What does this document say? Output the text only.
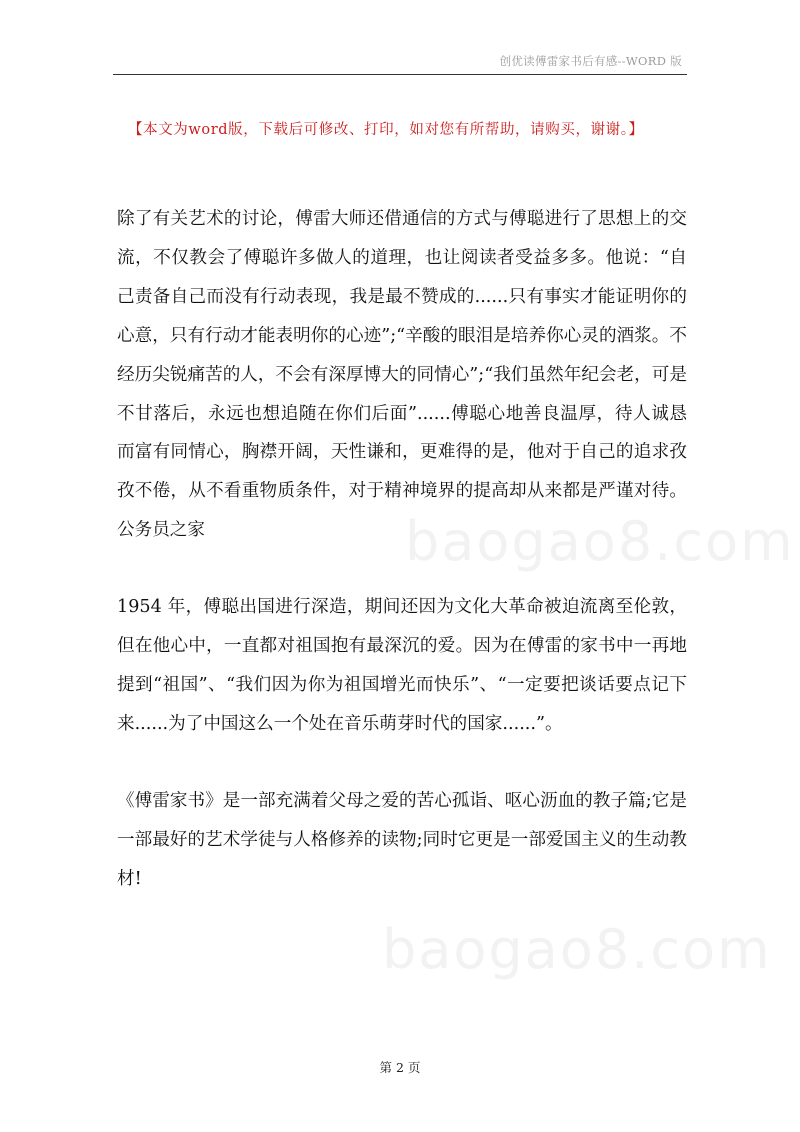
创优读傅雷家书后有感--WORD 版
【本文为word版，下载后可修改、打印，如对您有所帮助，请购买，谢谢。】
baogao8.com
baogao8.com

除了有关艺术的讨论，傅雷大师还借通信的方式与傅聪进行了思想上的交流，不仅教会了傅聪许多做人的道理，也让阅读者受益多多。他说：“自己责备自己而没有行动表现，我是最不赞成的......只有事实才能证明你的心意，只有行动才能表明你的心迹”;“辛酸的眼泪是培养你心灵的酒浆。不经历尖锐痛苦的人，不会有深厚博大的同情心”;“我们虽然年纪会老，可是不甘落后，永远也想追随在你们后面”......傅聪心地善良温厚，待人诚恳而富有同情心，胸襟开阔，天性谦和，更难得的是，他对于自己的追求孜孜不倦，从不看重物质条件，对于精神境界的提高却从来都是严谨对待。公务员之家

1954 年，傅聪出国进行深造，期间还因为文化大革命被迫流离至伦敦，但在他心中，一直都对祖国抱有最深沉的爱。因为在傅雷的家书中一再地提到“祖国”、“我们因为你为祖国增光而快乐”、“一定要把谈话要点记下来......为了中国这么一个处在音乐萌芽时代的国家......”。

《傅雷家书》是一部充满着父母之爱的苦心孤诣、呕心沥血的教子篇;它是一部最好的艺术学徒与人格修养的读物;同时它更是一部爱国主义的生动教材!

第 2 页
